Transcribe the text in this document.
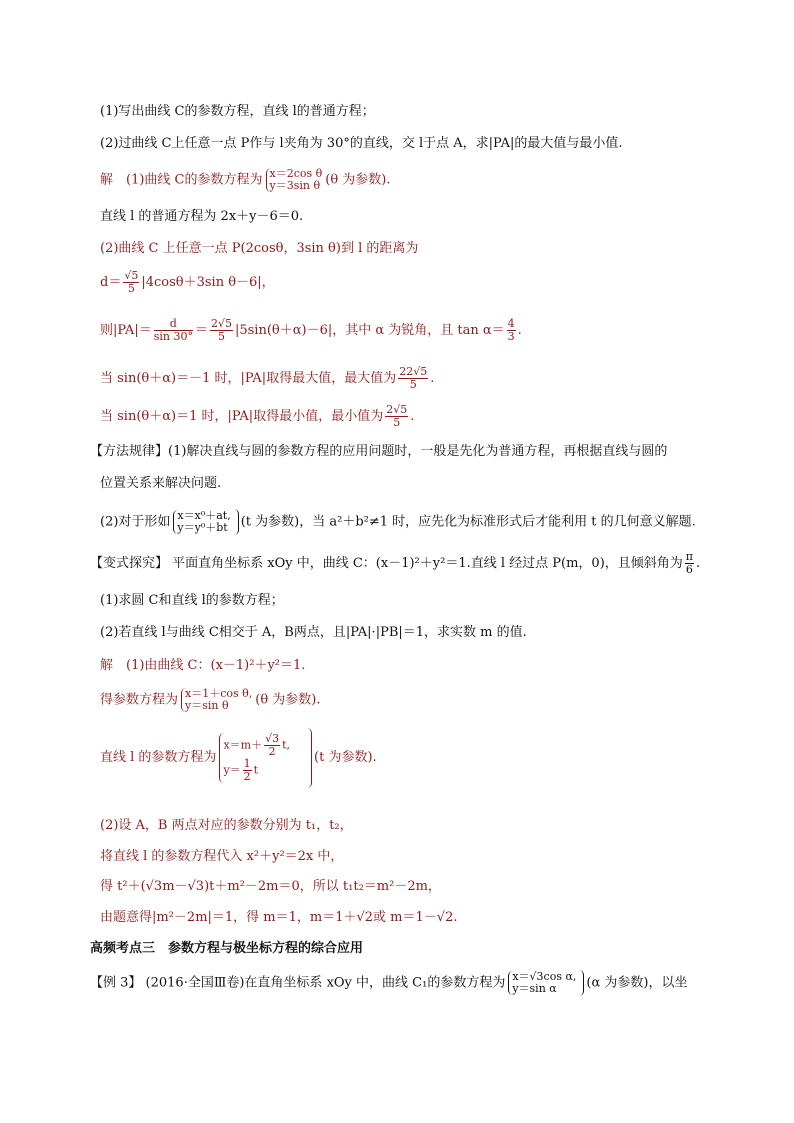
(1)写出曲线 C的参数方程，直线 l的普通方程；
(2)过曲线 C上任意一点 P作与 l夹角为 30°的直线，交 l于点 A，求|PA|的最大值与最小值.
解　(1)曲线 C的参数方程为 x＝2cos θ
y＝3sin θ (θ 为参数).
直线 l 的普通方程为 2x＋y－6＝0.
(2)曲线 C 上任意一点 P(2cosθ，3sin θ)到 l 的距离为
$d= \frac{√5}{5} |4\cos\theta+3\sin$ θ－6|，
则$|PA|= \frac{d}{\sin 30^\circ} = \frac{2√5}{5} |5\sin(\theta+\alpha)-6|$，其中 α 为锐角，且 $\tan \alpha= \frac{4}{3}$ .
当 sin(θ＋α)＝－1 时，|PA|取得最大值，最大值为 $\frac{22√5}{5}$ .
当 sin(θ＋α)＝1 时，|PA|取得最小值，最小值为 $\frac{2√5}{5}$ .
【方法规律】(1)解决直线与圆的参数方程的应用问题时，一般是先化为普通方程，再根据直线与圆的
位置关系来解决问题.
(2)对于形如 x＝x⁰＋at,
y＝y⁰＋bt (t 为参数)，当 a²＋b²≠1 时，应先化为标准形式后才能利用 t 的几何意义解题.
【变式探究】 平面直角坐标系 xOy 中，曲线 C：(x－1)²＋y²＝1.直线 l 经过点 P(m，0)，且倾斜角为 $\frac{\pi}{6}$ .
(1)求圆 C和直线 l的参数方程；
(2)若直线 l与曲线 C相交于 A，B两点，且|PA|·|PB|＝1，求实数 m 的值.
解　(1)由曲线 C：(x－1)²＋y²＝1.
得参数方程为 x＝1＋cos θ,
y＝sin θ	(θ 为参数).
直线 l 的参数方程为
$x=m+ \frac{√3}{2} t$,
$y= \frac{1}{2}$ t
(t 为参数).
(2)设 A，B 两点对应的参数分别为 t₁，t₂，
将直线 l 的参数方程代入 x²＋y²＝2x 中，
得 t²＋(√3m－√3)t＋m²－2m＝0，所以 t₁t₂＝m²－2m，
由题意得|m²－2m|＝1，得 m＝1，m＝1＋√2或 m＝1－√2.
高频考点三　参数方程与极坐标方程的综合应用
【例 3】 (2016·全国Ⅲ卷)在直角坐标系 xOy 中，曲线 C₁的参数方程为 x＝√3cos α,
y＝sin α	(α 为参数)，以坐
